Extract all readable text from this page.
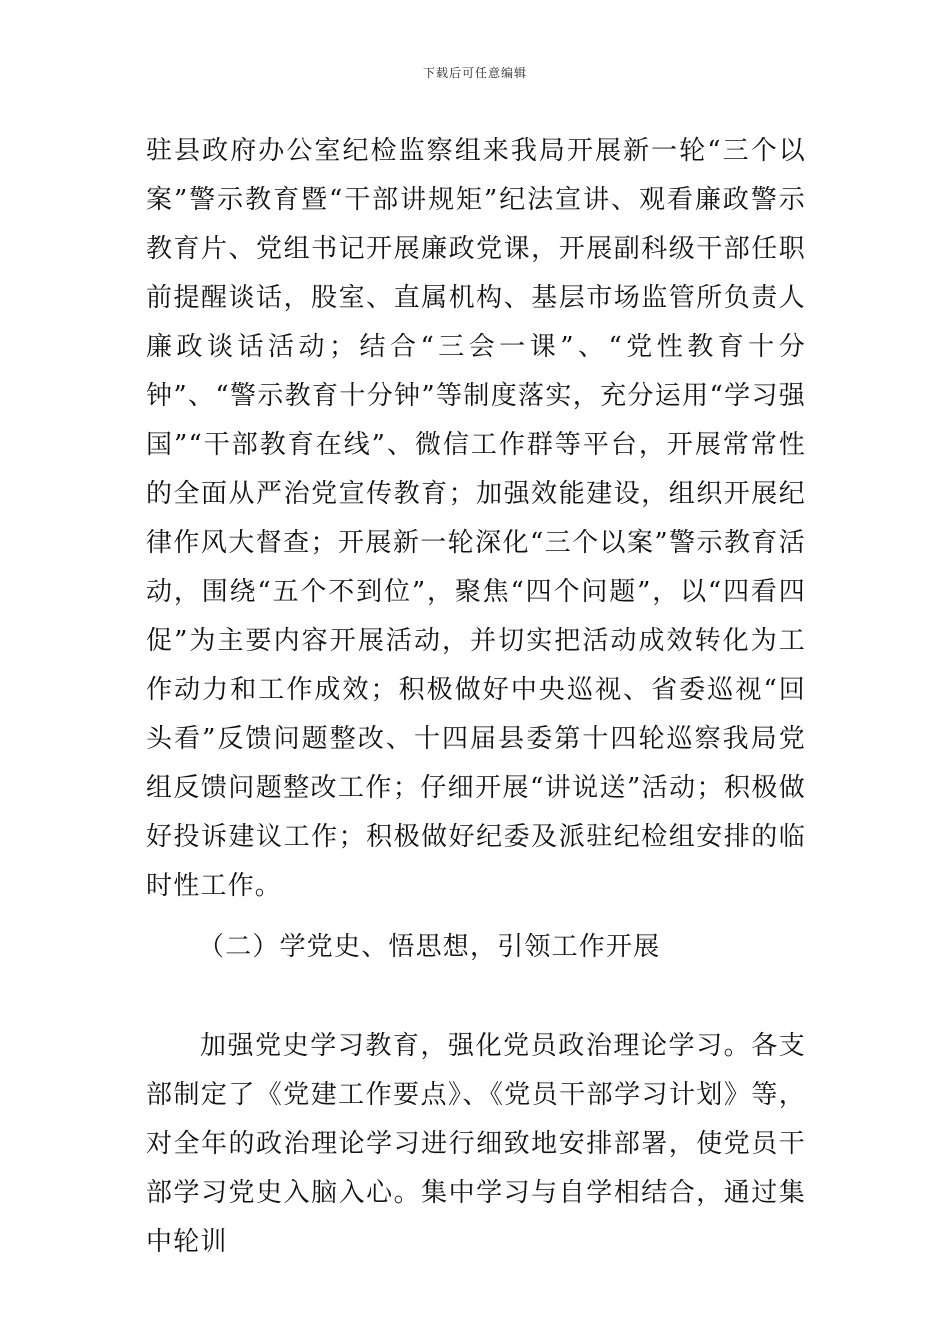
下载后可任意编辑
驻县政府办公室纪检监察组来我局开展新一轮“三个以案”警示教育暨“干部讲规矩”纪法宣讲、观看廉政警示教育片、党组书记开展廉政党课，开展副科级干部任职前提醒谈话，股室、直属机构、基层市场监管所负责人廉政谈话活动；结合“三会一课”、“党性教育十分钟”、“警示教育十分钟”等制度落实，充分运用“学习强国”“干部教育在线”、微信工作群等平台，开展常常性的全面从严治党宣传教育；加强效能建设，组织开展纪律作风大督查；开展新一轮深化“三个以案”警示教育活动，围绕“五个不到位”，聚焦“四个问题”，以“四看四促”为主要内容开展活动，并切实把活动成效转化为工作动力和工作成效；积极做好中央巡视、省委巡视“回头看”反馈问题整改、十四届县委第十四轮巡察我局党组反馈问题整改工作；仔细开展“讲说送”活动；积极做好投诉建议工作；积极做好纪委及派驻纪检组安排的临时性工作。
（二）学党史、悟思想，引领工作开展
加强党史学习教育，强化党员政治理论学习。各支部制定了《党建工作要点》、《党员干部学习计划》等，对全年的政治理论学习进行细致地安排部署，使党员干部学习党史入脑入心。集中学习与自学相结合，通过集中轮训
